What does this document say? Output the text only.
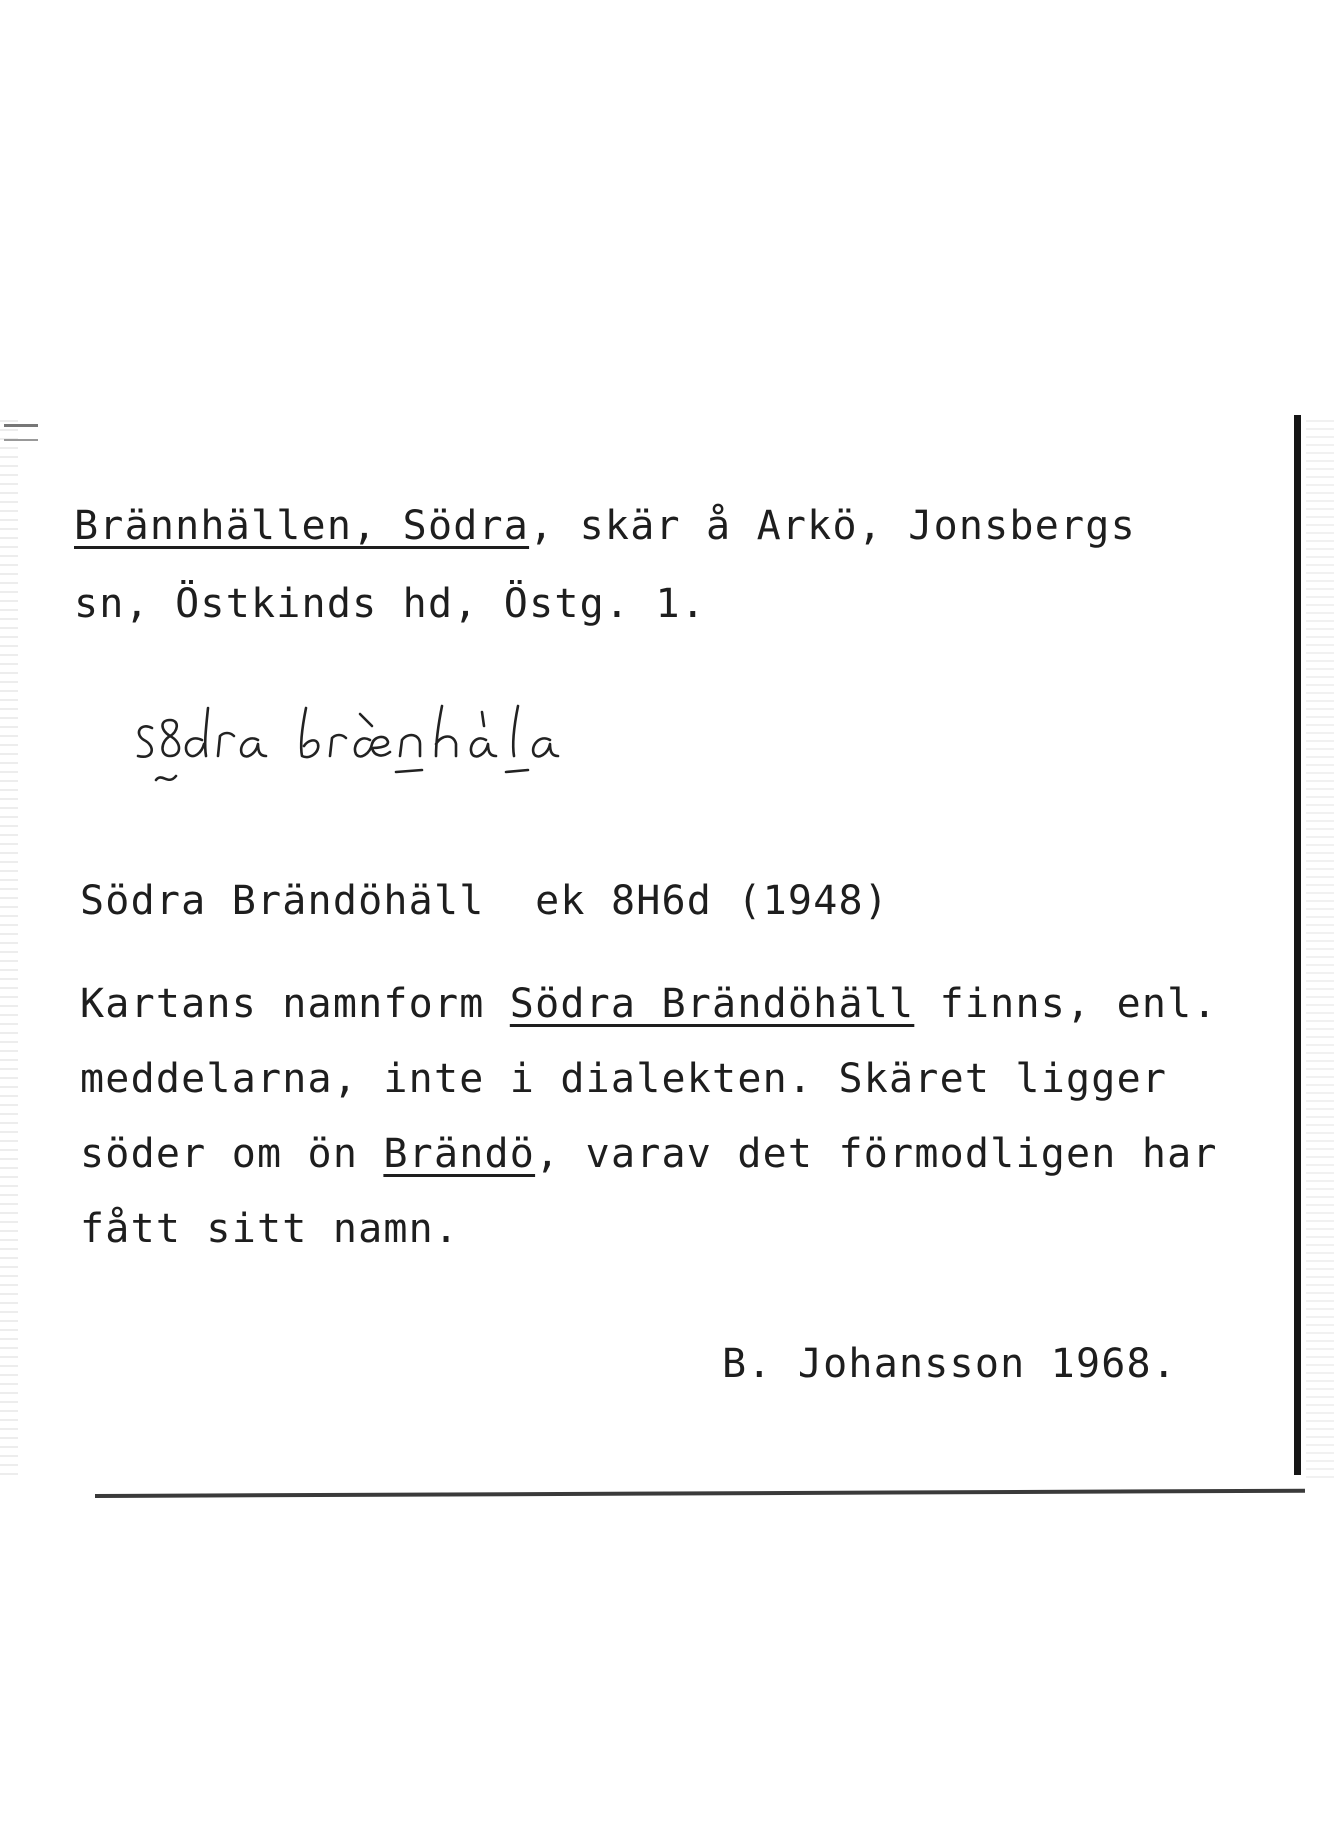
Brännhällen, Södra, skär å Arkö, Jonsbergs
sn, Östkinds hd, Östg. 1.
sødra brænhäla
Södra Brändöhäll ek 8H6d (1948)
Kartans namnform Södra Brändöhäll finns, enl.
meddelarna, inte i dialekten. Skäret ligger
söder om ön Brändö, varav det förmodligen har
fått sitt namn.
B. Johansson 1968.
